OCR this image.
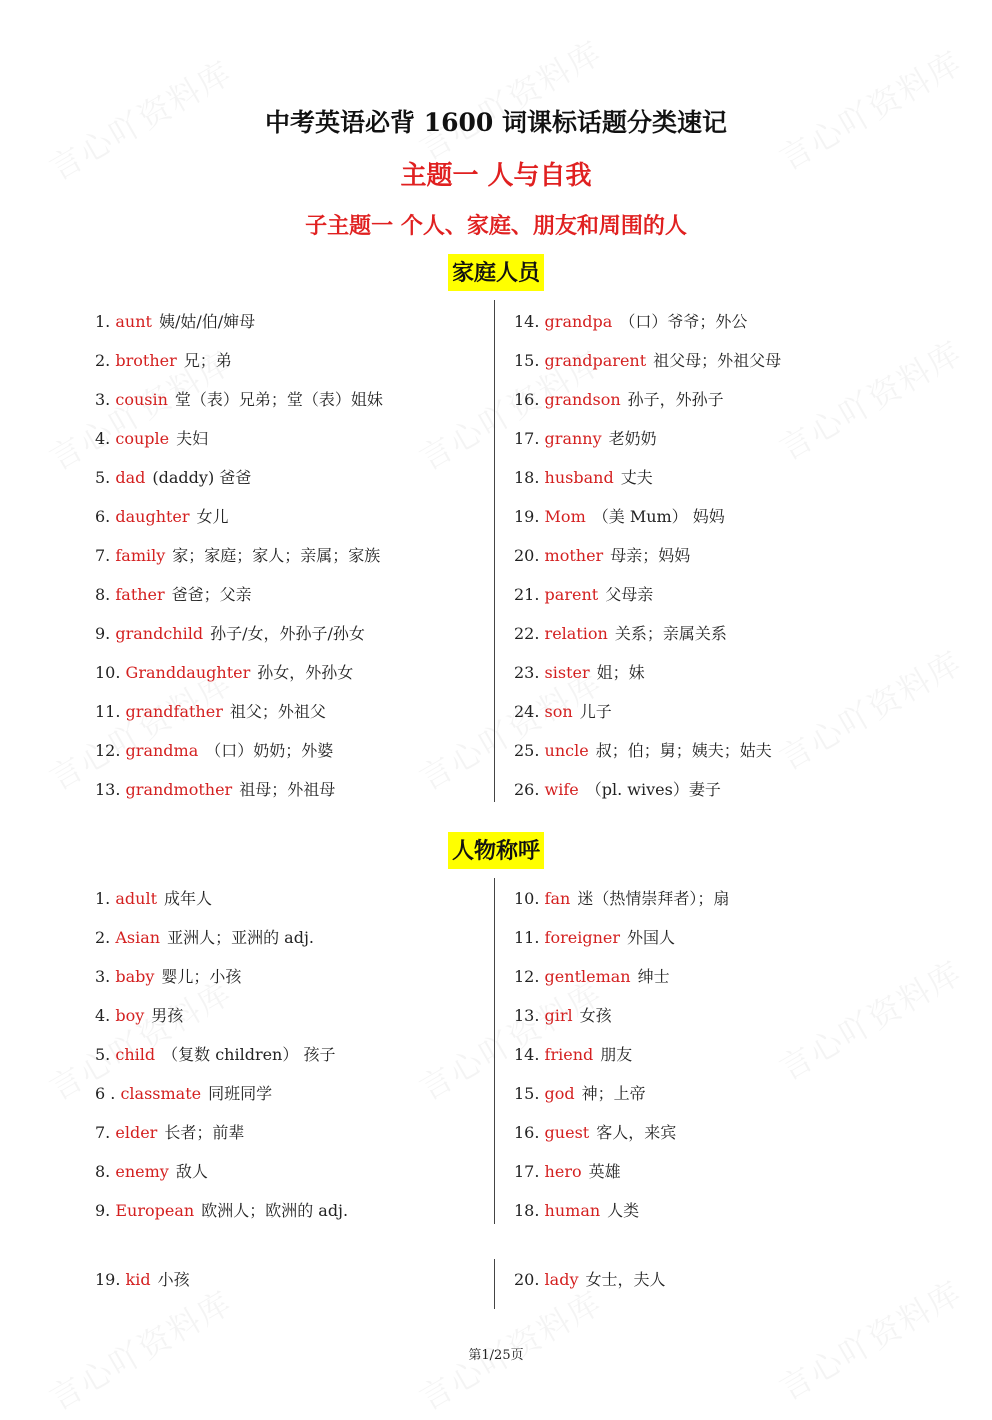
中考英语必背 1600 词课标话题分类速记
主题一 人与自我
子主题一 个人、家庭、朋友和周围的人
家庭人员
1. aunt 姨/姑/伯/婶母
2. brother 兄；弟
3. cousin 堂（表）兄弟；堂（表）姐妹
4. couple 夫妇
5. dad (daddy) 爸爸
6. daughter 女儿
7. family 家；家庭；家人；亲属；家族
8. father 爸爸；父亲
9. grandchild 孙子/女，外孙子/孙女
10. Granddaughter 孙女，外孙女
11. grandfather 祖父；外祖父
12. grandma （口）奶奶；外婆
13. grandmother 祖母；外祖母
14. grandpa （口）爷爷；外公
15. grandparent 祖父母；外祖父母
16. grandson 孙子，外孙子
17. granny 老奶奶
18. husband 丈夫
19. Mom （美 Mum） 妈妈
20. mother 母亲；妈妈
21. parent 父母亲
22. relation 关系；亲属关系
23. sister 姐；妹
24. son 儿子
25. uncle 叔；伯；舅；姨夫；姑夫
26. wife （pl. wives）妻子
人物称呼
1. adult 成年人
2. Asian 亚洲人；亚洲的 adj.
3. baby 婴儿；小孩
4. boy 男孩
5. child （复数 children） 孩子
6 . classmate 同班同学
7. elder 长者；前辈
8. enemy 敌人
9. European 欧洲人；欧洲的 adj.
10. fan 迷（热情崇拜者）；扇
11. foreigner 外国人
12. gentleman 绅士
13. girl 女孩
14. friend 朋友
15. god 神；上帝
16. guest 客人，来宾
17. hero 英雄
18. human 人类
19. kid 小孩	20. lady 女士，夫人
第1/25页
